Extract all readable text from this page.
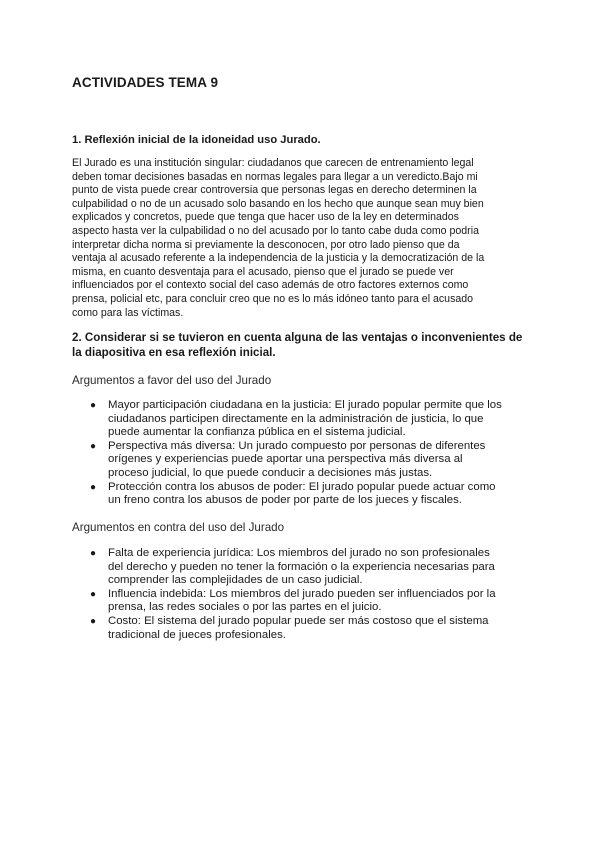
ACTIVIDADES TEMA 9
1. Reflexión inicial de la idoneidad uso Jurado.

El Jurado es una institución singular: ciudadanos que carecen de entrenamiento legal

deben tomar decisiones basadas en normas legales para llegar a un veredicto.Bajo mi

punto de vista puede crear controversia que personas legas en derecho determinen la

culpabilidad o no de un acusado solo basando en los hecho que aunque sean muy bien

explicados y concretos, puede que tenga que hacer uso de la ley en determinados

aspecto hasta ver la culpabilidad o no del acusado por lo tanto cabe duda como podria

interpretar dicha norma si previamente la desconocen, por otro lado pienso que da

ventaja al acusado referente a la independencia de la justicia y la democratización de la

misma, en cuanto desventaja para el acusado, pienso que el jurado se puede ver

influenciados por el contexto social del caso además de otro factores externos como

prensa, policial etc, para concluir creo que no es lo más idóneo tanto para el acusado

como para las víctimas.

2. Considerar si se tuvieron en cuenta alguna de las ventajas o inconvenientes de

la diapositiva en esa reflexión inicial.

Argumentos a favor del uso del Jurado
● Mayor participación ciudadana en la justicia: El jurado popular permite que los
ciudadanos participen directamente en la administración de justicia, lo que
puede aumentar la confianza pública en el sistema judicial.
● Perspectiva más diversa: Un jurado compuesto por personas de diferentes
orígenes y experiencias puede aportar una perspectiva más diversa al
proceso judicial, lo que puede conducir a decisiones más justas.
● Protección contra los abusos de poder: El jurado popular puede actuar como
un freno contra los abusos de poder por parte de los jueces y fiscales.
Argumentos en contra del uso del Jurado
● Falta de experiencia jurídica: Los miembros del jurado no son profesionales
del derecho y pueden no tener la formación o la experiencia necesarias para
comprender las complejidades de un caso judicial.
● Influencia indebida: Los miembros del jurado pueden ser influenciados por la
prensa, las redes sociales o por las partes en el juicio.
● Costo: El sistema del jurado popular puede ser más costoso que el sistema
tradicional de jueces profesionales.
